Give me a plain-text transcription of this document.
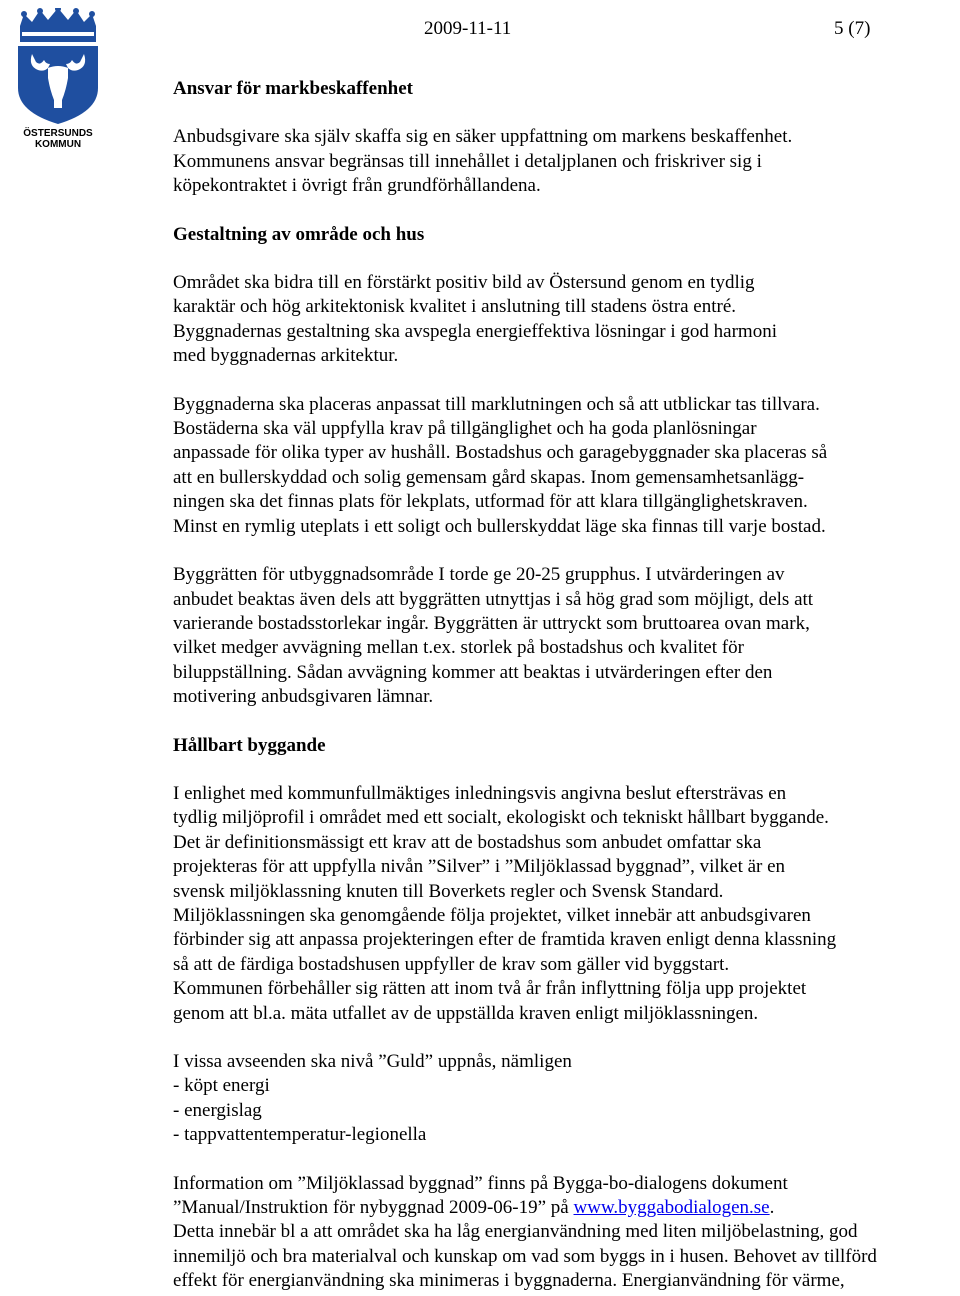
ÖSTERSUNDS
KOMMUN
2009-11-11	5 (7)
Ansvar för markbeskaffenhet

Anbudsgivare ska själv skaffa sig en säker uppfattning om markens beskaffenhet.
Kommunens ansvar begränsas till innehållet i detaljplanen och friskriver sig i
köpekontraktet i övrigt från grundförhållandena.

Gestaltning av område och hus

Området ska bidra till en förstärkt positiv bild av Östersund genom en tydlig
karaktär och hög arkitektonisk kvalitet i anslutning till stadens östra entré.
Byggnadernas gestaltning ska avspegla energieffektiva lösningar i god harmoni
med byggnadernas arkitektur.

Byggnaderna ska placeras anpassat till marklutningen och så att utblickar tas tillvara.
Bostäderna ska väl uppfylla krav på tillgänglighet och ha goda planlösningar
anpassade för olika typer av hushåll. Bostadshus och garagebyggnader ska placeras så
att en bullerskyddad och solig gemensam gård skapas. Inom gemensamhetsanlägg-
ningen ska det finnas plats för lekplats, utformad för att klara tillgänglighetskraven.
Minst en rymlig uteplats i ett soligt och bullerskyddat läge ska finnas till varje bostad.

Byggrätten för utbyggnadsområde I torde ge 20-25 grupphus. I utvärderingen av
anbudet beaktas även dels att byggrätten utnyttjas i så hög grad som möjligt, dels att
varierande bostadsstorlekar ingår. Byggrätten är uttryckt som bruttoarea ovan mark,
vilket medger avvägning mellan t.ex. storlek på bostadshus och kvalitet för
biluppställning. Sådan avvägning kommer att beaktas i utvärderingen efter den
motivering anbudsgivaren lämnar.

Hållbart byggande

I enlighet med kommunfullmäktiges inledningsvis angivna beslut eftersträvas en
tydlig miljöprofil i området med ett socialt, ekologiskt och tekniskt hållbart byggande.
Det är definitionsmässigt ett krav att de bostadshus som anbudet omfattar ska
projekteras för att uppfylla nivån ”Silver” i ”Miljöklassad byggnad”, vilket är en
svensk miljöklassning knuten till Boverkets regler och Svensk Standard.
Miljöklassningen ska genomgående följa projektet, vilket innebär att anbudsgivaren
förbinder sig att anpassa projekteringen efter de framtida kraven enligt denna klassning
så att de färdiga bostadshusen uppfyller de krav som gäller vid byggstart.
Kommunen förbehåller sig rätten att inom två år från inflyttning följa upp projektet
genom att bl.a. mäta utfallet av de uppställda kraven enligt miljöklassningen.

I vissa avseenden ska nivå ”Guld” uppnås, nämligen
- köpt energi
- energislag
- tappvattentemperatur-legionella

Information om ”Miljöklassad byggnad” finns på Bygga-bo-dialogens dokument
”Manual/Instruktion för nybyggnad 2009-06-19” på www.byggabodialogen.se.
Detta innebär bl a att området ska ha låg energianvändning med liten miljöbelastning, god
innemiljö och bra materialval och kunskap om vad som byggs in i husen. Behovet av tillförd
effekt för energianvändning ska minimeras i byggnaderna. Energianvändning för värme,
